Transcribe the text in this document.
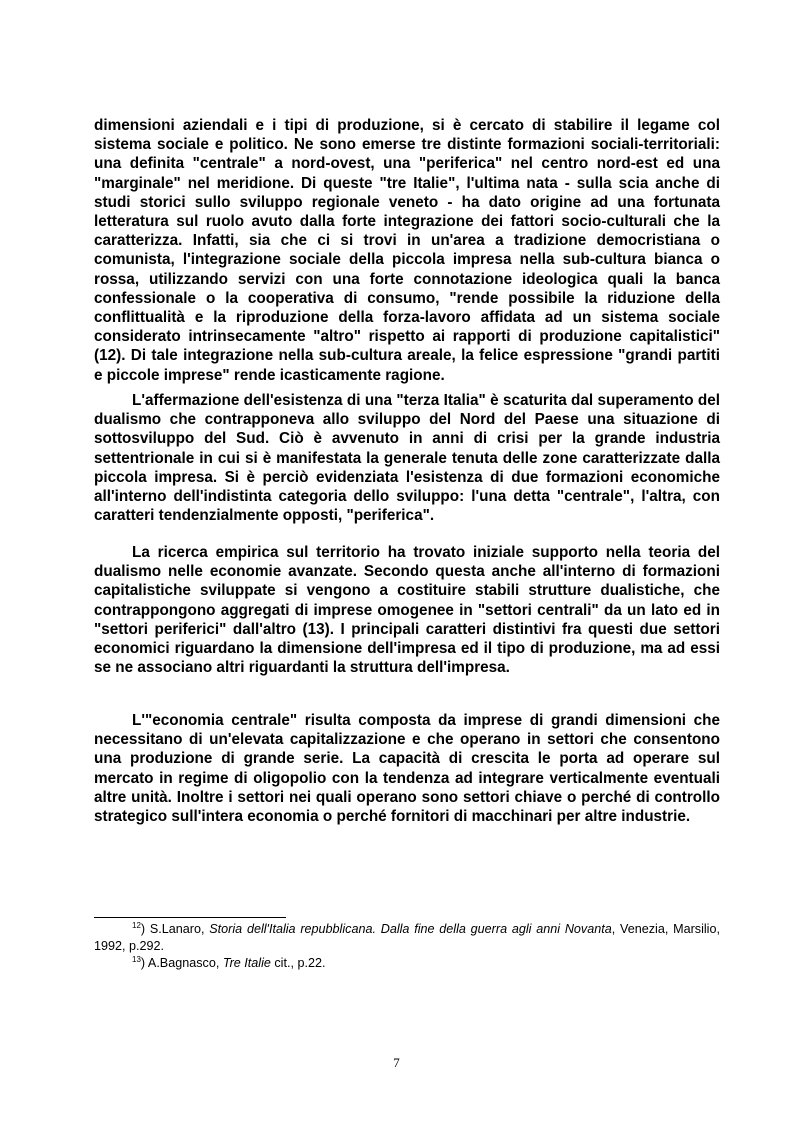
dimensioni aziendali e i tipi di produzione, si è cercato di stabilire il legame col sistema sociale e politico. Ne sono emerse tre distinte formazioni sociali-territoriali: una definita "centrale" a nord-ovest, una "periferica" nel centro nord-est ed una "marginale" nel meridione. Di queste "tre Italie", l'ultima nata - sulla scia anche di studi storici sullo sviluppo regionale veneto - ha dato origine ad una fortunata letteratura sul ruolo avuto dalla forte integrazione dei fattori socio-culturali che la caratterizza. Infatti, sia che ci si trovi in un'area a tradizione democristiana o comunista, l'integrazione sociale della piccola impresa nella sub-cultura bianca o rossa, utilizzando servizi con una forte connotazione ideologica quali la banca confessionale o la cooperativa di consumo, "rende possibile la riduzione della conflittualità e la riproduzione della forza-lavoro affidata ad un sistema sociale considerato intrinsecamente "altro" rispetto ai rapporti di produzione capitalistici" (12). Di tale integrazione nella sub-cultura areale, la felice espressione "grandi partiti e piccole imprese" rende icasticamente ragione.

L'affermazione dell'esistenza di una "terza Italia" è scaturita dal superamento del dualismo che contrapponeva allo sviluppo del Nord del Paese una situazione di sottosviluppo del Sud. Ciò è avvenuto in anni di crisi per la grande industria settentrionale in cui si è manifestata la generale tenuta delle zone caratterizzate dalla piccola impresa. Si è perciò evidenziata l'esistenza di due formazioni economiche all'interno dell'indistinta categoria dello sviluppo: l'una detta "centrale", l'altra, con caratteri tendenzialmente opposti, "periferica".

La ricerca empirica sul territorio ha trovato iniziale supporto nella teoria del dualismo nelle economie avanzate. Secondo questa anche all'interno di formazioni capitalistiche sviluppate si vengono a costituire stabili strutture dualistiche, che contrappongono aggregati di imprese omogenee in "settori centrali" da un lato ed in "settori periferici" dall'altro (13). I principali caratteri distintivi fra questi due settori economici riguardano la dimensione dell'impresa ed il tipo di produzione, ma ad essi se ne associano altri riguardanti la struttura dell'impresa.

L'"economia centrale" risulta composta da imprese di grandi dimensioni che necessitano di un'elevata capitalizzazione e che operano in settori che consentono una produzione di grande serie. La capacità di crescita le porta ad operare sul mercato in regime di oligopolio con la tendenza ad integrare verticalmente eventuali altre unità. Inoltre i settori nei quali operano sono settori chiave o perché di controllo strategico sull'intera economia o perché fornitori di macchinari per altre industrie.

$^{12}$) S.Lanaro, Storia dell'Italia repubblicana. Dalla fine della guerra agli anni Novanta, Venezia, Marsilio, 1992, p.292.

$^{13}$) A.Bagnasco, Tre Italie cit., p.22.

7
